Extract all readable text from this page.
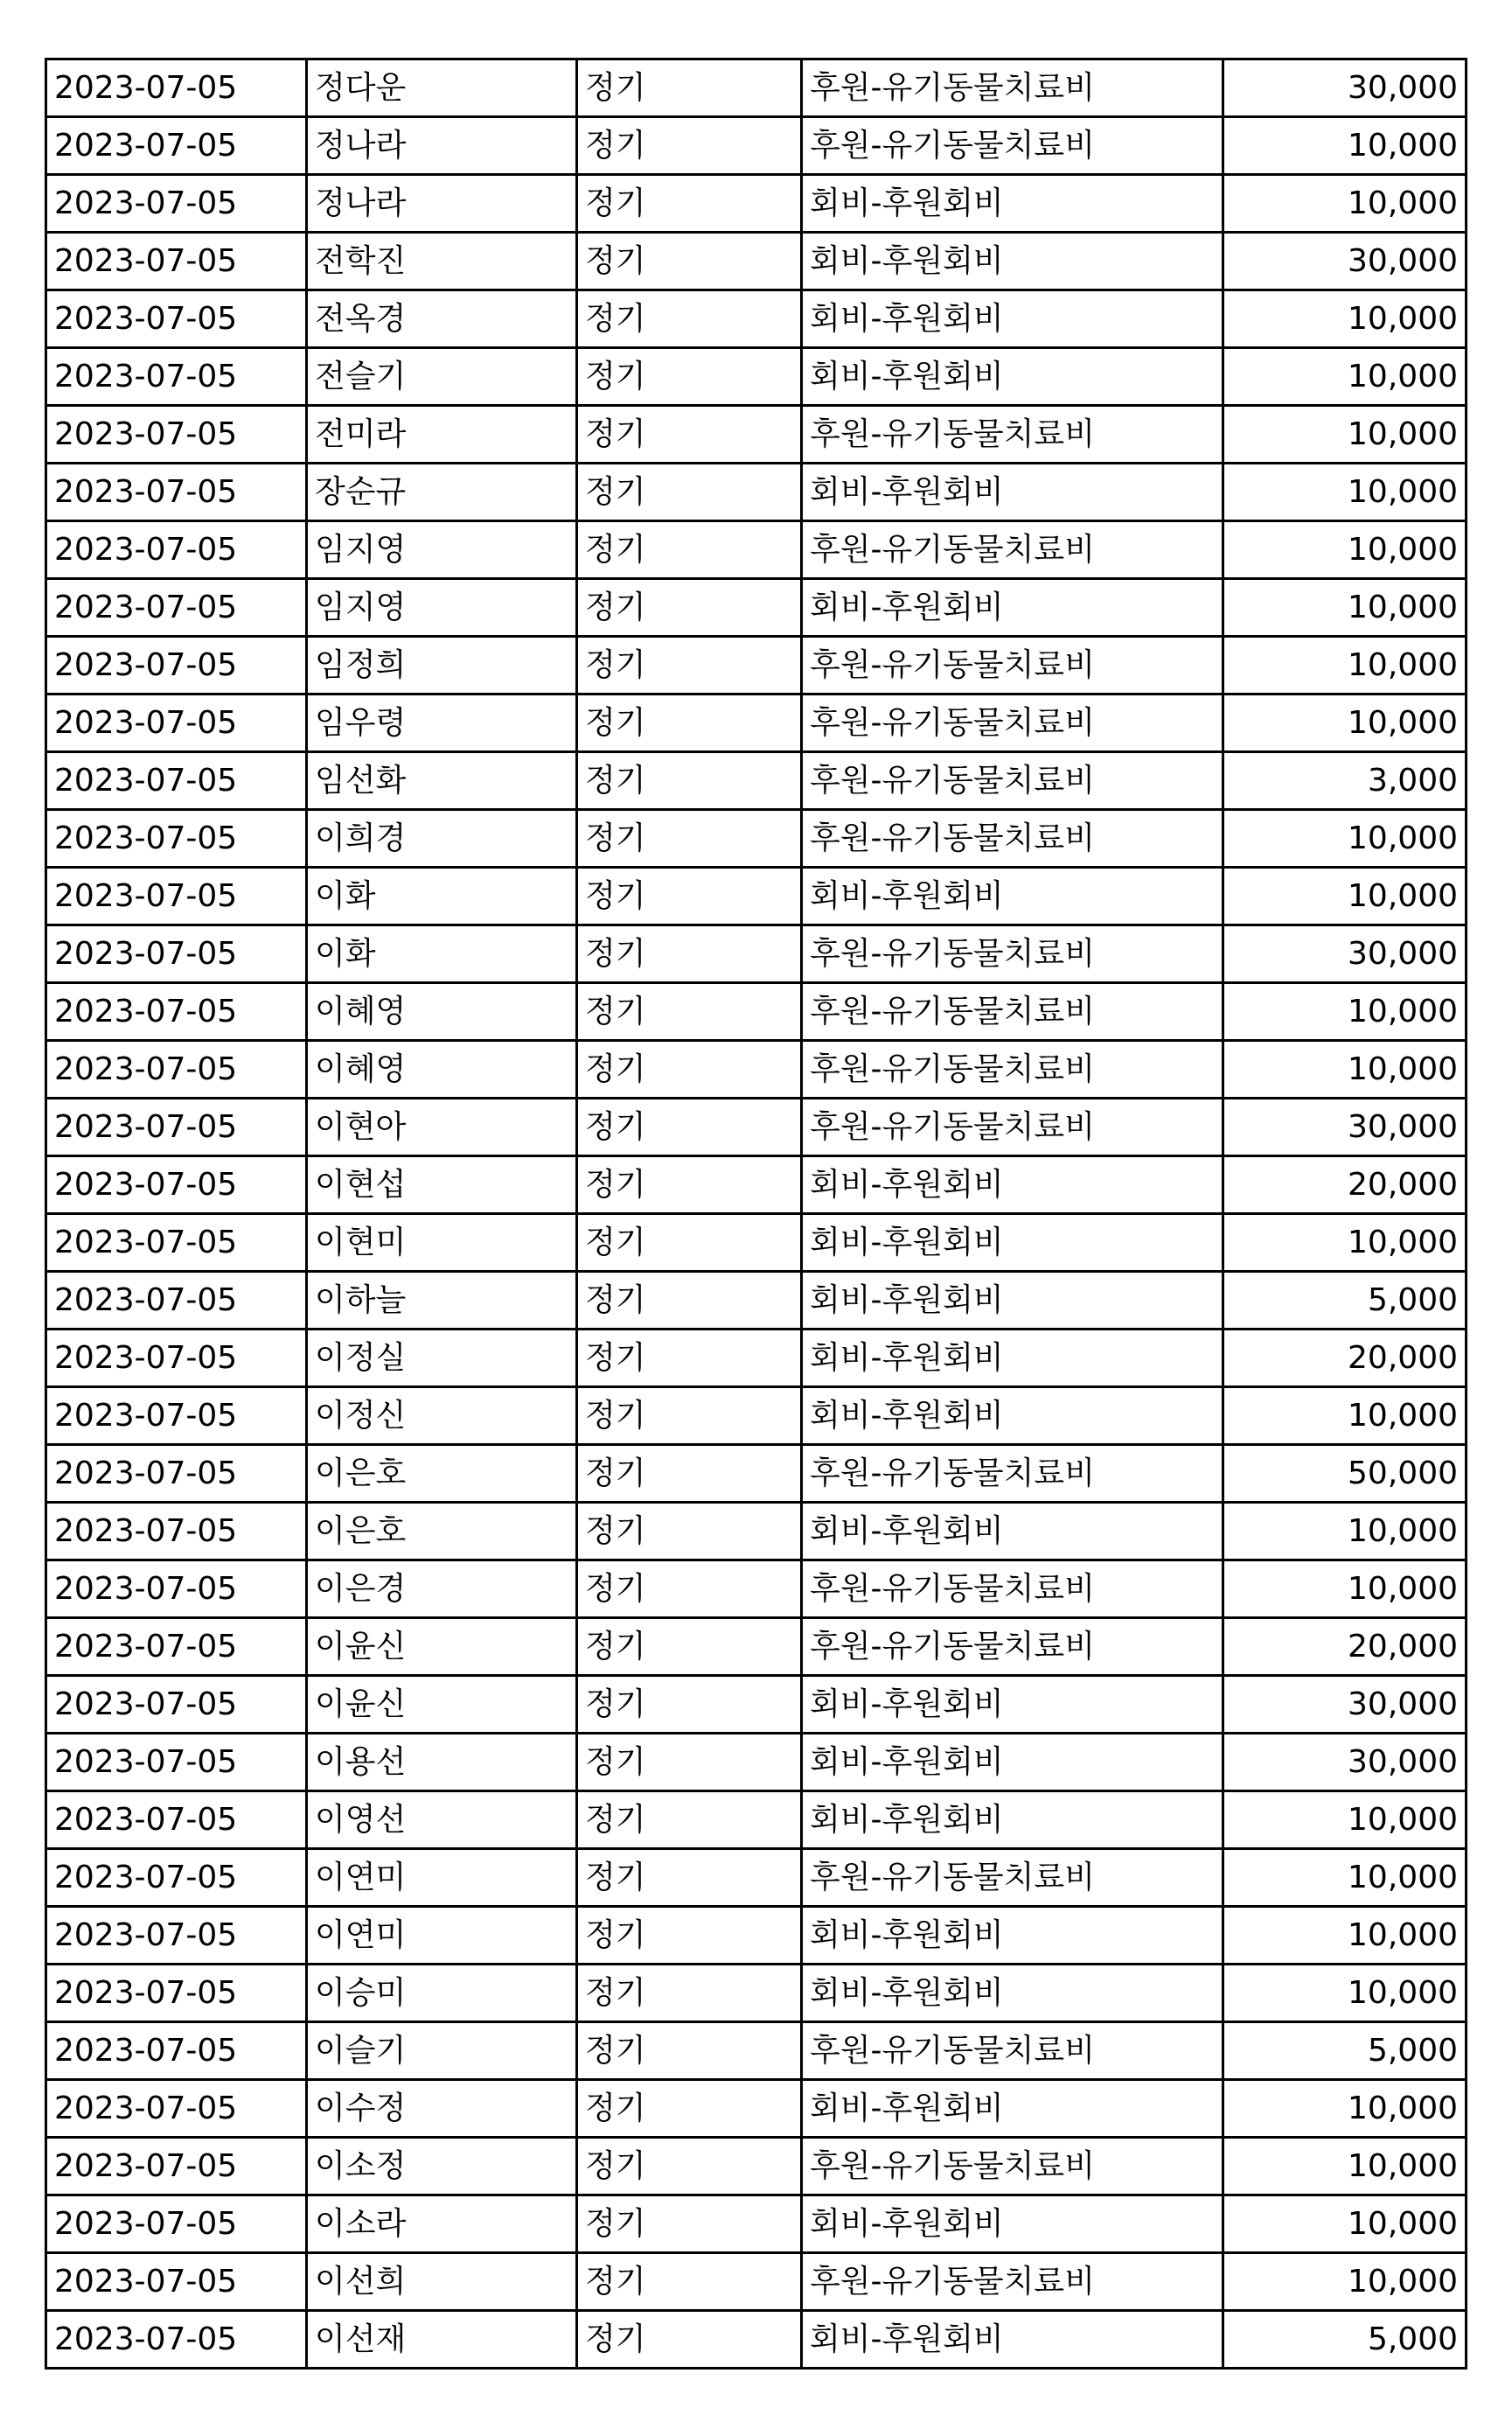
2023-07-05	정다운	정기	후원-유기동물치료비	30,000
2023-07-05	정나라	정기	후원-유기동물치료비	10,000
2023-07-05	정나라	정기	회비-후원회비	10,000
2023-07-05	전학진	정기	회비-후원회비	30,000
2023-07-05	전옥경	정기	회비-후원회비	10,000
2023-07-05	전슬기	정기	회비-후원회비	10,000
2023-07-05	전미라	정기	후원-유기동물치료비	10,000
2023-07-05	장순규	정기	회비-후원회비	10,000
2023-07-05	임지영	정기	후원-유기동물치료비	10,000
2023-07-05	임지영	정기	회비-후원회비	10,000
2023-07-05	임정희	정기	후원-유기동물치료비	10,000
2023-07-05	임우령	정기	후원-유기동물치료비	10,000
2023-07-05	임선화	정기	후원-유기동물치료비	3,000
2023-07-05	이희경	정기	후원-유기동물치료비	10,000
2023-07-05	이화	정기	회비-후원회비	10,000
2023-07-05	이화	정기	후원-유기동물치료비	30,000
2023-07-05	이혜영	정기	후원-유기동물치료비	10,000
2023-07-05	이혜영	정기	후원-유기동물치료비	10,000
2023-07-05	이현아	정기	후원-유기동물치료비	30,000
2023-07-05	이현섭	정기	회비-후원회비	20,000
2023-07-05	이현미	정기	회비-후원회비	10,000
2023-07-05	이하늘	정기	회비-후원회비	5,000
2023-07-05	이정실	정기	회비-후원회비	20,000
2023-07-05	이정신	정기	회비-후원회비	10,000
2023-07-05	이은호	정기	후원-유기동물치료비	50,000
2023-07-05	이은호	정기	회비-후원회비	10,000
2023-07-05	이은경	정기	후원-유기동물치료비	10,000
2023-07-05	이윤신	정기	후원-유기동물치료비	20,000
2023-07-05	이윤신	정기	회비-후원회비	30,000
2023-07-05	이용선	정기	회비-후원회비	30,000
2023-07-05	이영선	정기	회비-후원회비	10,000
2023-07-05	이연미	정기	후원-유기동물치료비	10,000
2023-07-05	이연미	정기	회비-후원회비	10,000
2023-07-05	이승미	정기	회비-후원회비	10,000
2023-07-05	이슬기	정기	후원-유기동물치료비	5,000
2023-07-05	이수정	정기	회비-후원회비	10,000
2023-07-05	이소정	정기	후원-유기동물치료비	10,000
2023-07-05	이소라	정기	회비-후원회비	10,000
2023-07-05	이선희	정기	후원-유기동물치료비	10,000
2023-07-05	이선재	정기	회비-후원회비	5,000
